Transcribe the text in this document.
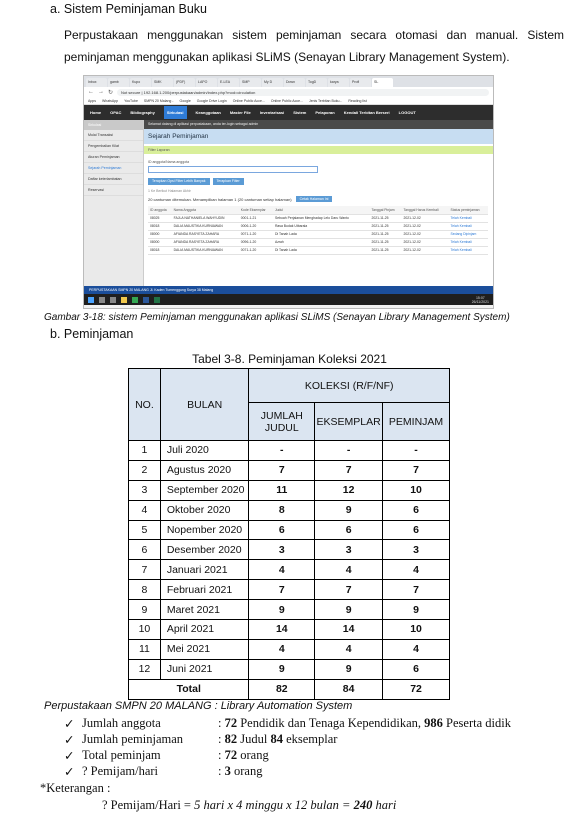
a. Sistem Peminjaman Buku
Perpustakaan menggunakan sistem peminjaman secara otomasi dan manual. Sistem peminjaman menggunakan aplikasi SLiMS (Senayan Library Management System).
Inbox	gamb	Kupo	SMK	(PDF)	LAPO	E-LEA	SMP	My D	Down	TogD	karya	Profi	SL
← → ↻	Not secure | 192.168.1.200/perpustakaan/admin/index.php?mod=circulation
Apps WhatsApp YouTube SMPN 20 Malang - Google Google Drive Login Online Public Acce... Online Public Acce... Jenis Terbitan Buku... Reading list
Home OPAC Bibliography	Sirkulasi	Keanggotaan Master File Inventarisasi Sistem Pelaporan Kendali Terbitan Berseri LOGOUT
Sirkulasi
Mulai Transaksi
Pengembalian Kilat
Aturan Peminjaman
Sejarah Peminjaman
Daftar keterlambatan
Reservasi
Selamat datang di aplikasi perpustakaan, anda ter-login sebagai admin
Sejarah Peminjaman
Filter Laporan
ID anggota/Nama anggota
Terapkan Opsi Filter Lebih Banyak	Terapkan Filter
1 Ke Berikut Halaman Akhir
20 cantuman ditemukan. Menampilkan halaman 1 (20 cantuman setiap halaman)	Cetak Halaman Ini
ID anggota	Nama Anggota	Kode Eksemplar	Judul	Tanggal Pinjam	Tanggal Harus Kembali	Status peminjaman
08025	FAJLA NATHANIELA WAHYUDIN	0001-1-21	Sebuah Perjalanan Menghadap Lelo Daru Wanto	2021-11-25	2021-12-02	Telah Kembali
08018	DALIA MAUSTIKA KURNIAWAN	0006-1-20	Rasa Budak Utbarala	2021-11-25	2021-12-02	Telah Kembali
08000	AFIANDA RASYETA ZAHARA	0071-1-20	Di Tanah Lada	2021-11-25	2021-12-02	Sedang Dipinjam
08000	AFIANDA RASYETA ZAHARA	0096-1-20	Azrah	2021-11-25	2021-12-02	Telah Kembali
08018	DALIA MAUSTIKA KURNIAWAN	0071-1-20	Di Tanah Lada	2021-11-25	2021-12-02	Telah Kembali
PERPUSTAKAAN SMPN 20 MALANG Jl. Kaden Tumenggung Surya 38 Malang
15:07
26/11/2021
Gambar 3-18: sistem Peminjaman menggunakan aplikasi SLiMS (Senayan Library Management System)
b. Peminjaman
Tabel 3-8. Peminjaman Koleksi 2021
NO.	BULAN	KOLEKSI (R/F/NF)		
		JUMLAH JUDUL	EKSEMPLAR	PEMINJAM
1	Juli 2020	-	-	-
2	Agustus 2020	7	7	7
3	September 2020	11	12	10
4	Oktober 2020	8	9	6
5	Nopember 2020	6	6	6
6	Desember 2020	3	3	3
7	Januari 2021	4	4	4
8	Februari 2021	7	7	7
9	Maret 2021	9	9	9
10	April 2021	14	14	10
11	Mei 2021	4	4	4
12	Juni 2021	9	9	6
Total		82	84	72
Perpustakaan SMPN 20 MALANG : Library Automation System
✓ Jumlah anggota	: 72 Pendidik dan Tenaga Kependidikan, 986 Peserta didik
✓ Jumlah peminjaman	: 82 Judul 84 eksemplar
✓ Total peminjam	: 72 orang
✓ ? Pemijam/hari	: 3 orang
*Keterangan :
? Pemijam/Hari = 5 hari x 4 minggu x 12 bulan = 240 hari
